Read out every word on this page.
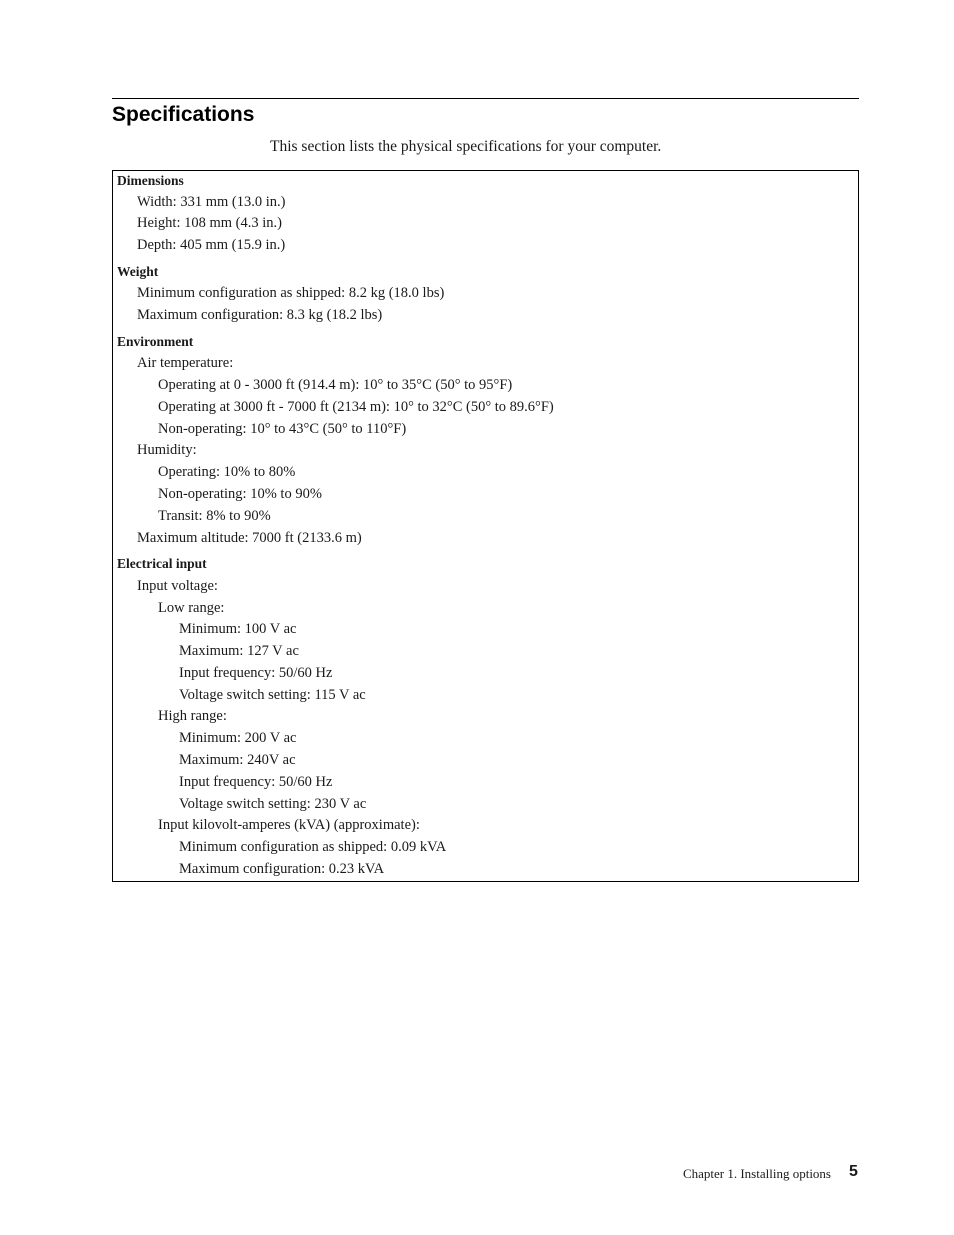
Specifications

This section lists the physical specifications for your computer.

Dimensions
Width: 331 mm (13.0 in.)
Height: 108 mm (4.3 in.)
Depth: 405 mm (15.9 in.)
Weight
Minimum configuration as shipped: 8.2 kg (18.0 lbs)
Maximum configuration: 8.3 kg (18.2 lbs)
Environment
Air temperature:
Operating at 0 - 3000 ft (914.4 m): 10° to 35°C (50° to 95°F)
Operating at 3000 ft - 7000 ft (2134 m): 10° to 32°C (50° to 89.6°F)
Non-operating: 10° to 43°C (50° to 110°F)
Humidity:
Operating: 10% to 80%
Non-operating: 10% to 90%
Transit: 8% to 90%
Maximum altitude: 7000 ft (2133.6 m)
Electrical input
Input voltage:
Low range:
Minimum: 100 V ac
Maximum: 127 V ac
Input frequency: 50/60 Hz
Voltage switch setting: 115 V ac
High range:
Minimum: 200 V ac
Maximum: 240V ac
Input frequency: 50/60 Hz
Voltage switch setting: 230 V ac
Input kilovolt-amperes (kVA) (approximate):
Minimum configuration as shipped: 0.09 kVA
Maximum configuration: 0.23 kVA
Chapter 1. Installing options 5
